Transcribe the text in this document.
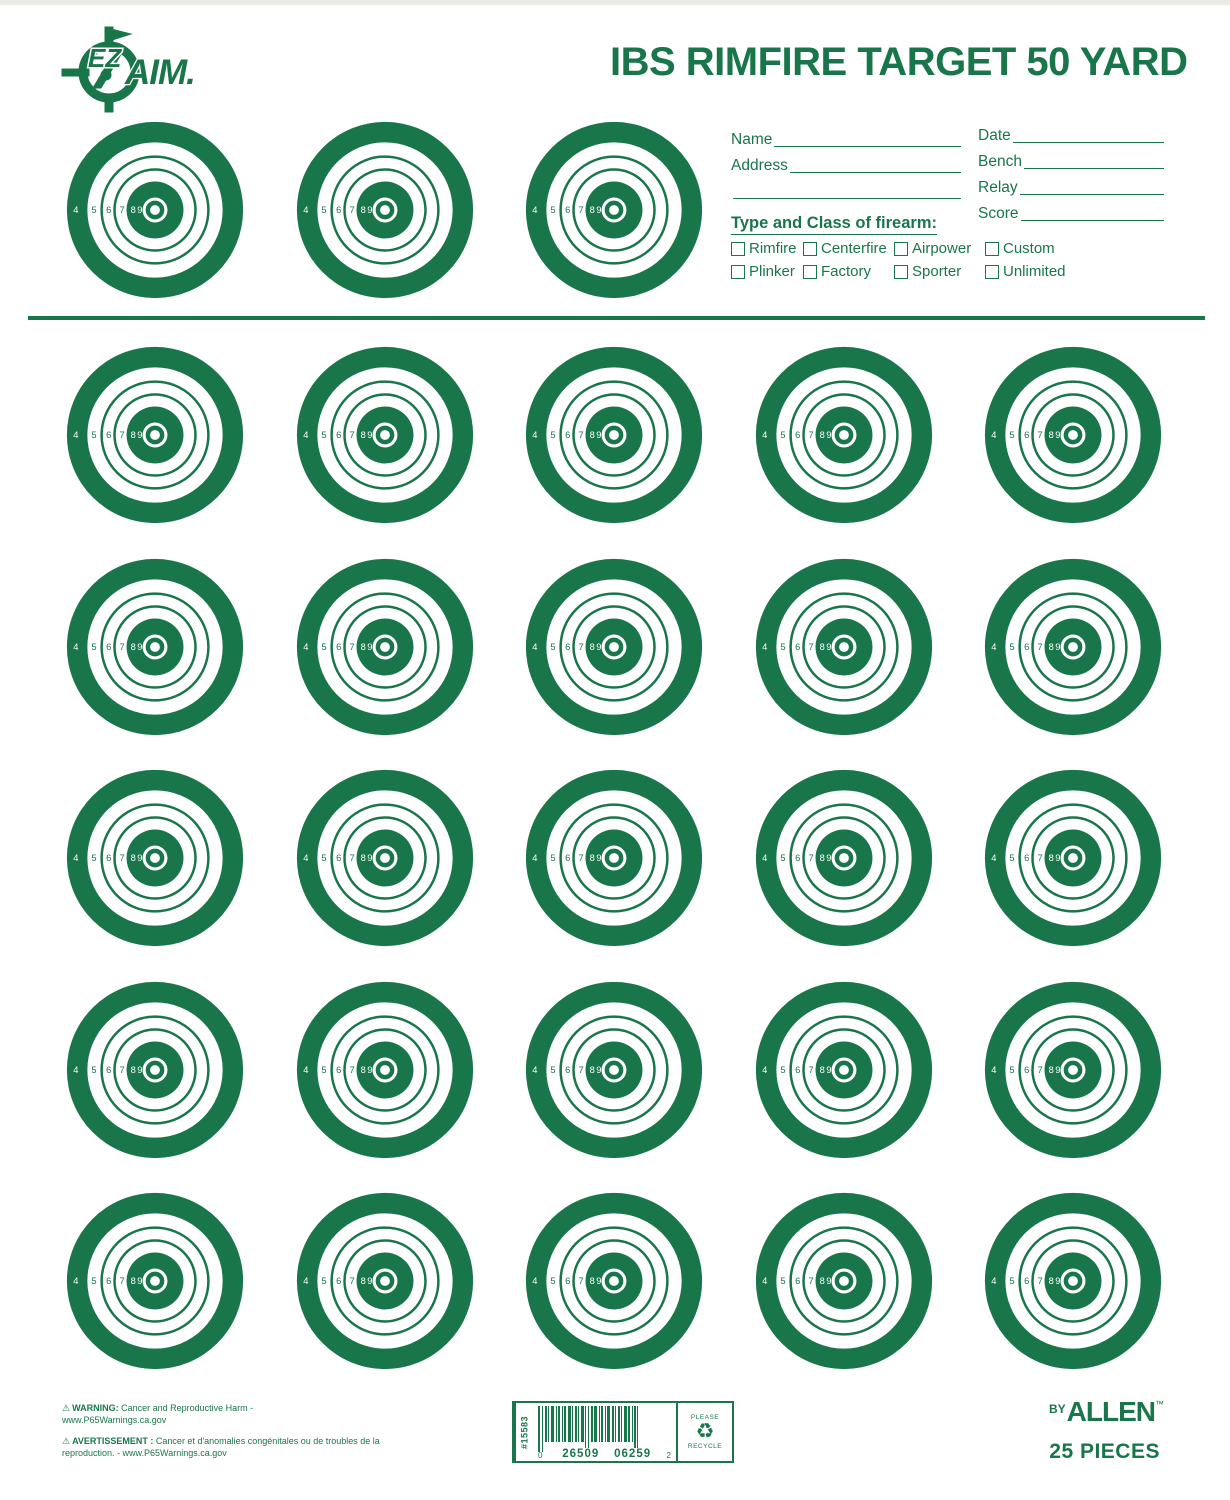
EZ AIM.	IBS RIMFIRE TARGET 50 YARD
Name
Address
Date
Bench
Relay
Score
Type and Class of firearm:
Rimfire Centerfire Airpower Custom
Plinker Factory	Sporter	Unlimited
4 5 6 7 8 9	4 5 6 7 8 9	4 5 6 7 8 9
4 5 6 7 8 9	4 5 6 7 8 9	4 5 6 7 8 9	4 5 6 7 8 9	4 5 6 7 8 9
4 5 6 7 8 9	4 5 6 7 8 9	4 5 6 7 8 9	4 5 6 7 8 9	4 5 6 7 8 9
4 5 6 7 8 9	4 5 6 7 8 9	4 5 6 7 8 9	4 5 6 7 8 9	4 5 6 7 8 9
4 5 6 7 8 9	4 5 6 7 8 9	4 5 6 7 8 9	4 5 6 7 8 9	4 5 6 7 8 9
4 5 6 7 8 9	4 5 6 7 8 9	4 5 6 7 8 9	4 5 6 7 8 9	4 5 6 7 8 9
⚠ WARNING: Cancer and Reproductive Harm - www.P65Warnings.ca.gov
⚠ AVERTISSEMENT : Cancer et d'anomalies congénitales ou de troubles de la reproduction. - www.P65Warnings.ca.gov
#15583
0 26509 06259	2
PLEASE
♻
RECYCLE
$^{BY}$ALLEN™
25 PIECES
